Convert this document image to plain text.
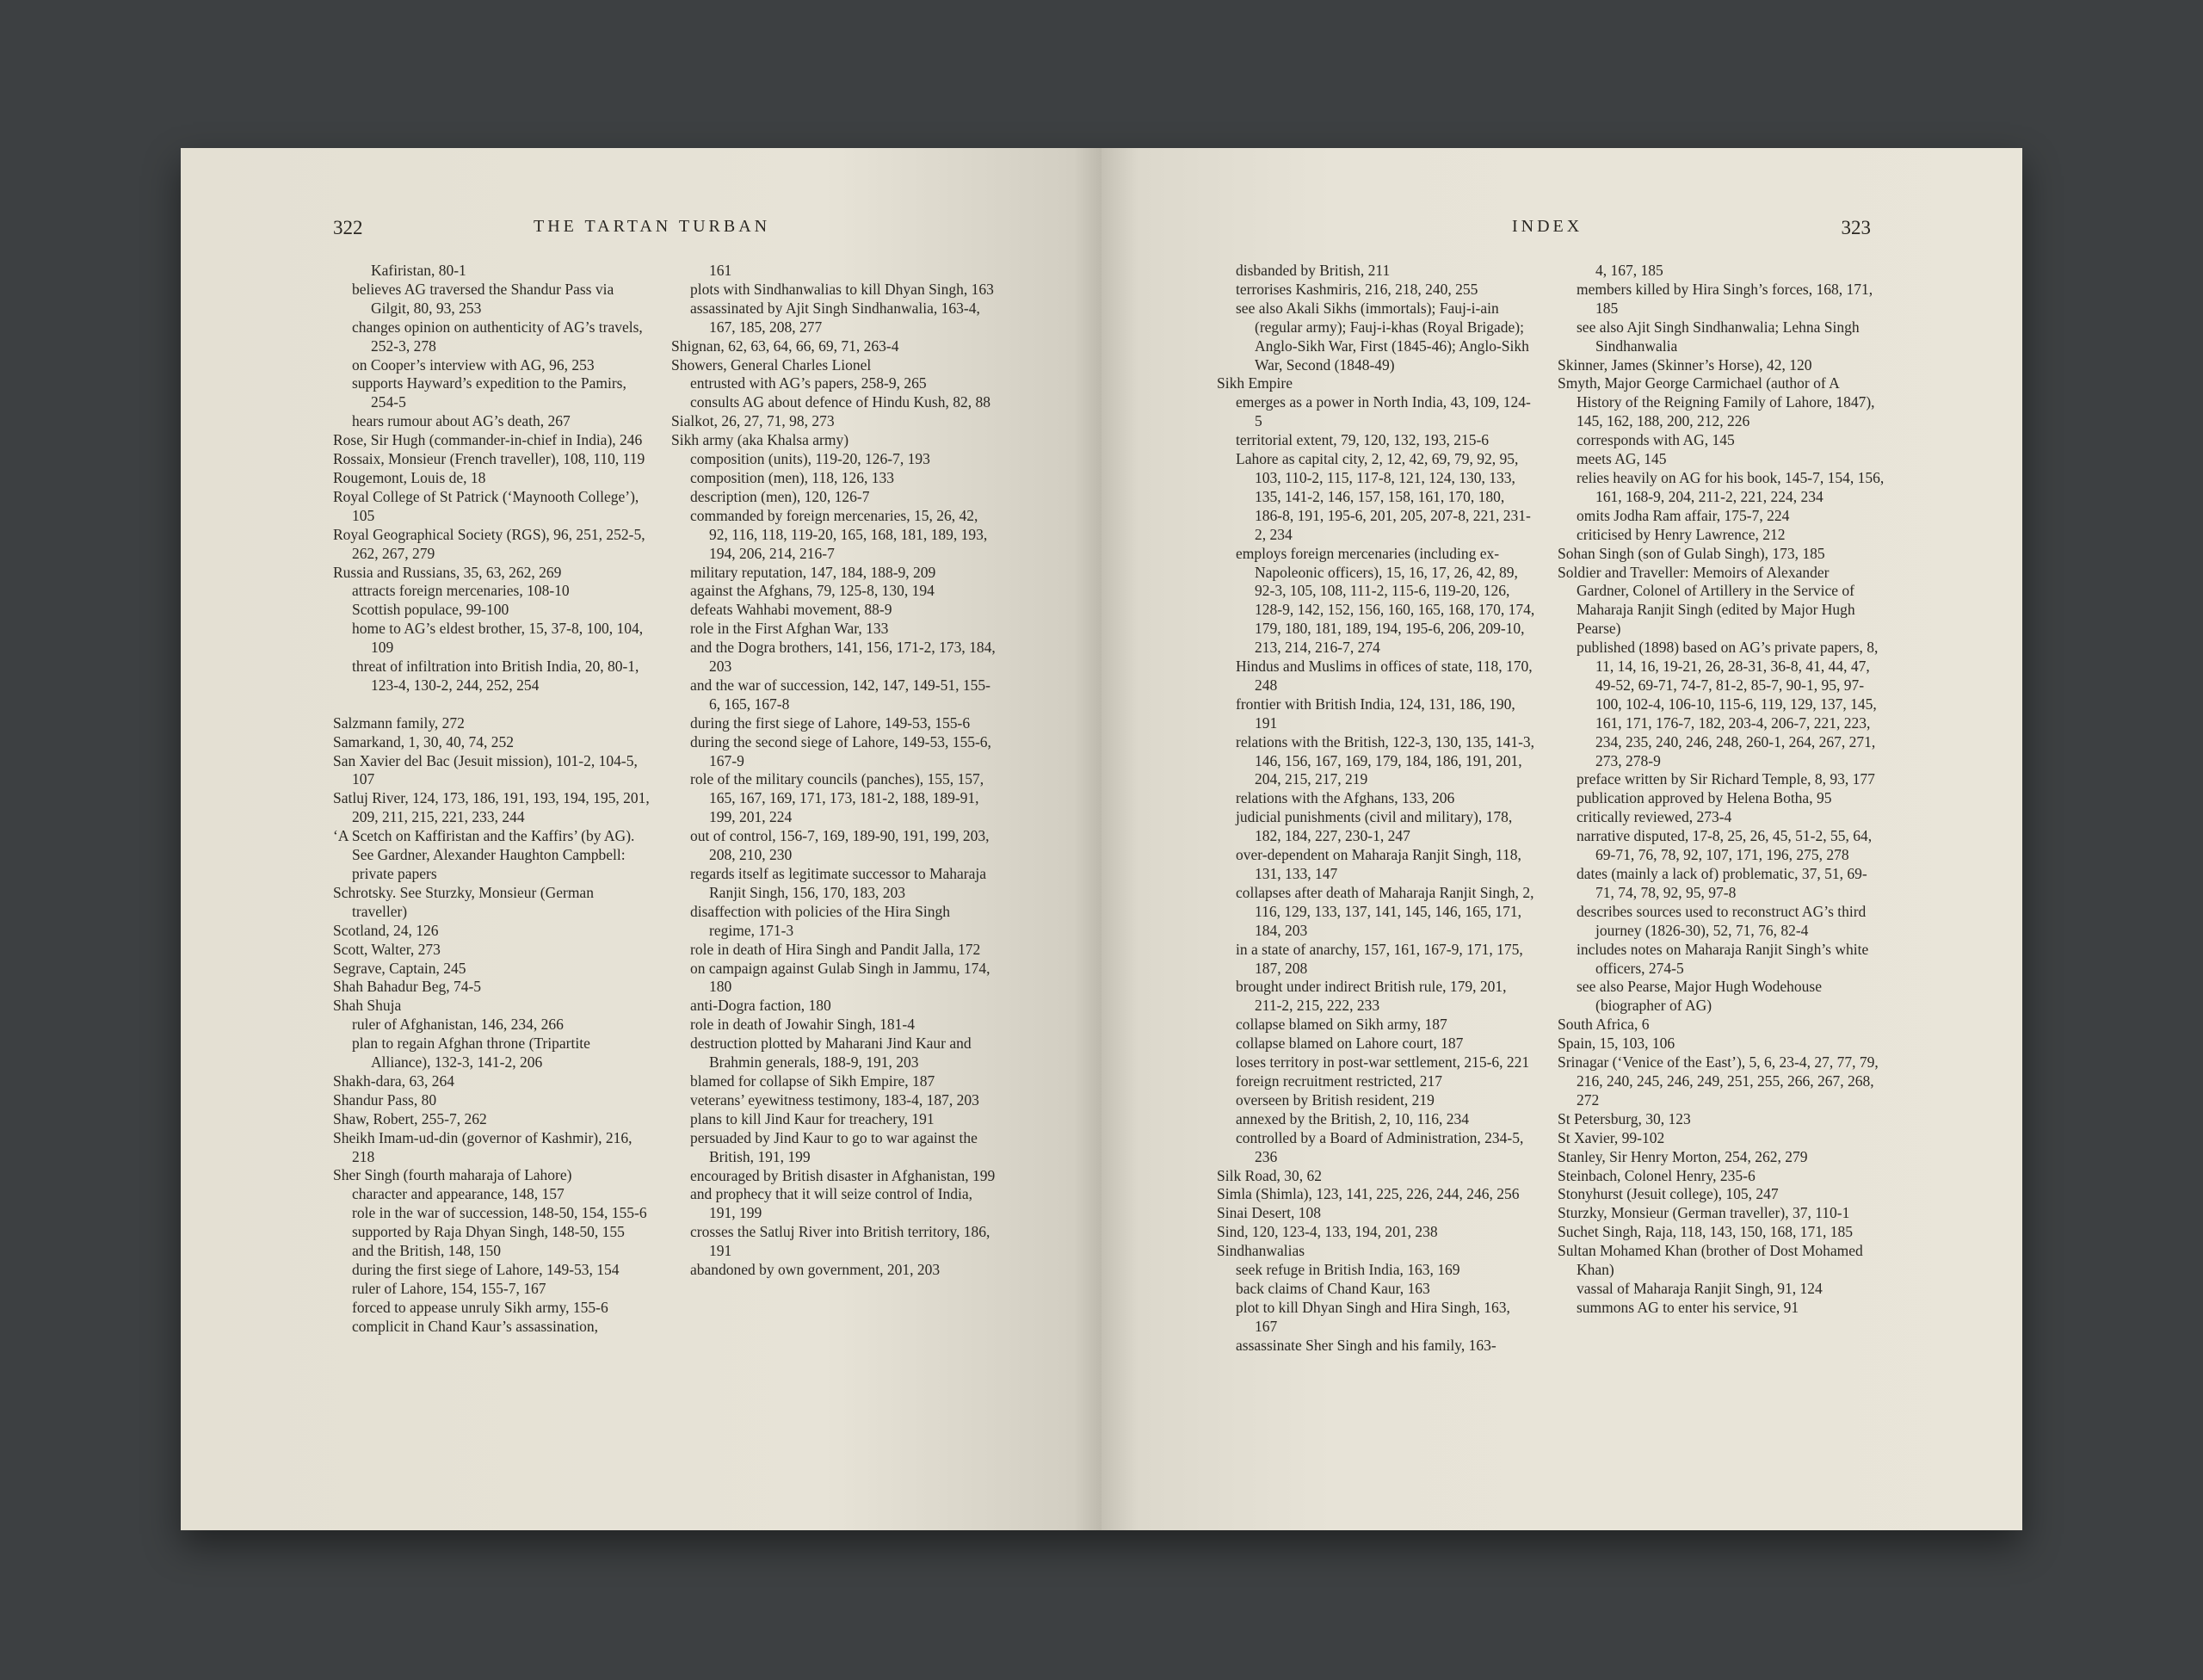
322	THE TARTAN TURBAN
Kafiristan, 80-1
believes AG traversed the Shandur Pass via Gilgit, 80, 93, 253
changes opinion on authenticity of AG’s travels, 252-3, 278
on Cooper’s interview with AG, 96, 253
supports Hayward’s expedition to the Pamirs, 254-5
hears rumour about AG’s death, 267
Rose, Sir Hugh (commander-in-chief in India), 246
Rossaix, Monsieur (French traveller), 108, 110, 119
Rougemont, Louis de, 18
Royal College of St Patrick (‘Maynooth College’), 105
Royal Geographical Society (RGS), 96, 251, 252-5, 262, 267, 279
Russia and Russians, 35, 63, 262, 269
attracts foreign mercenaries, 108-10
Scottish populace, 99-100
home to AG’s eldest brother, 15, 37-8, 100, 104, 109
threat of infiltration into British India, 20, 80-1, 123-4, 130-2, 244, 252, 254
Salzmann family, 272
Samarkand, 1, 30, 40, 74, 252
San Xavier del Bac (Jesuit mission), 101-2, 104-5, 107
Satluj River, 124, 173, 186, 191, 193, 194, 195, 201, 209, 211, 215, 221, 233, 244
‘A Scetch on Kaffiristan and the Kaffirs’ (by AG). See Gardner, Alexander Haughton Campbell: private papers
Schrotsky. See Sturzky, Monsieur (German traveller)
Scotland, 24, 126
Scott, Walter, 273
Segrave, Captain, 245
Shah Bahadur Beg, 74-5
Shah Shuja
ruler of Afghanistan, 146, 234, 266
plan to regain Afghan throne (Tripartite Alliance), 132-3, 141-2, 206
Shakh-dara, 63, 264
Shandur Pass, 80
Shaw, Robert, 255-7, 262
Sheikh Imam-ud-din (governor of Kashmir), 216, 218
Sher Singh (fourth maharaja of Lahore)
character and appearance, 148, 157
role in the war of succession, 148-50, 154, 155-6
supported by Raja Dhyan Singh, 148-50, 155
and the British, 148, 150
during the first siege of Lahore, 149-53, 154
ruler of Lahore, 154, 155-7, 167
forced to appease unruly Sikh army, 155-6
complicit in Chand Kaur’s assassination,
161
plots with Sindhanwalias to kill Dhyan Singh, 163
assassinated by Ajit Singh Sindhanwalia, 163-4, 167, 185, 208, 277
Shignan, 62, 63, 64, 66, 69, 71, 263-4
Showers, General Charles Lionel
entrusted with AG’s papers, 258-9, 265
consults AG about defence of Hindu Kush, 82, 88
Sialkot, 26, 27, 71, 98, 273
Sikh army (aka Khalsa army)
composition (units), 119-20, 126-7, 193
composition (men), 118, 126, 133
description (men), 120, 126-7
commanded by foreign mercenaries, 15, 26, 42, 92, 116, 118, 119-20, 165, 168, 181, 189, 193, 194, 206, 214, 216-7
military reputation, 147, 184, 188-9, 209
against the Afghans, 79, 125-8, 130, 194
defeats Wahhabi movement, 88-9
role in the First Afghan War, 133
and the Dogra brothers, 141, 156, 171-2, 173, 184, 203
and the war of succession, 142, 147, 149-51, 155-6, 165, 167-8
during the first siege of Lahore, 149-53, 155-6
during the second siege of Lahore, 149-53, 155-6, 167-9
role of the military councils (panches), 155, 157, 165, 167, 169, 171, 173, 181-2, 188, 189-91, 199, 201, 224
out of control, 156-7, 169, 189-90, 191, 199, 203, 208, 210, 230
regards itself as legitimate successor to Maharaja Ranjit Singh, 156, 170, 183, 203
disaffection with policies of the Hira Singh regime, 171-3
role in death of Hira Singh and Pandit Jalla, 172
on campaign against Gulab Singh in Jammu, 174, 180
anti-Dogra faction, 180
role in death of Jowahir Singh, 181-4
destruction plotted by Maharani Jind Kaur and Brahmin generals, 188-9, 191, 203
blamed for collapse of Sikh Empire, 187
veterans’ eyewitness testimony, 183-4, 187, 203
plans to kill Jind Kaur for treachery, 191
persuaded by Jind Kaur to go to war against the British, 191, 199
encouraged by British disaster in Afghanistan, 199
and prophecy that it will seize control of India, 191, 199
crosses the Satluj River into British territory, 186, 191
abandoned by own government, 201, 203
INDEX	323
disbanded by British, 211
terrorises Kashmiris, 216, 218, 240, 255
see also Akali Sikhs (immortals); Fauj-i-ain (regular army); Fauj-i-khas (Royal Brigade); Anglo-Sikh War, First (1845-46); Anglo-Sikh War, Second (1848-49)
Sikh Empire
emerges as a power in North India, 43, 109, 124-5
territorial extent, 79, 120, 132, 193, 215-6
Lahore as capital city, 2, 12, 42, 69, 79, 92, 95, 103, 110-2, 115, 117-8, 121, 124, 130, 133, 135, 141-2, 146, 157, 158, 161, 170, 180, 186-8, 191, 195-6, 201, 205, 207-8, 221, 231-2, 234
employs foreign mercenaries (including ex-Napoleonic officers), 15, 16, 17, 26, 42, 89, 92-3, 105, 108, 111-2, 115-6, 119-20, 126, 128-9, 142, 152, 156, 160, 165, 168, 170, 174, 179, 180, 181, 189, 194, 195-6, 206, 209-10, 213, 214, 216-7, 274
Hindus and Muslims in offices of state, 118, 170, 248
frontier with British India, 124, 131, 186, 190, 191
relations with the British, 122-3, 130, 135, 141-3, 146, 156, 167, 169, 179, 184, 186, 191, 201, 204, 215, 217, 219
relations with the Afghans, 133, 206
judicial punishments (civil and military), 178, 182, 184, 227, 230-1, 247
over-dependent on Maharaja Ranjit Singh, 118, 131, 133, 147
collapses after death of Maharaja Ranjit Singh, 2, 116, 129, 133, 137, 141, 145, 146, 165, 171, 184, 203
in a state of anarchy, 157, 161, 167-9, 171, 175, 187, 208
brought under indirect British rule, 179, 201, 211-2, 215, 222, 233
collapse blamed on Sikh army, 187
collapse blamed on Lahore court, 187
loses territory in post-war settlement, 215-6, 221
foreign recruitment restricted, 217
overseen by British resident, 219
annexed by the British, 2, 10, 116, 234
controlled by a Board of Administration, 234-5, 236
Silk Road, 30, 62
Simla (Shimla), 123, 141, 225, 226, 244, 246, 256
Sinai Desert, 108
Sind, 120, 123-4, 133, 194, 201, 238
Sindhanwalias
seek refuge in British India, 163, 169
back claims of Chand Kaur, 163
plot to kill Dhyan Singh and Hira Singh, 163, 167
assassinate Sher Singh and his family, 163-
4, 167, 185
members killed by Hira Singh’s forces, 168, 171, 185
see also Ajit Singh Sindhanwalia; Lehna Singh Sindhanwalia
Skinner, James (Skinner’s Horse), 42, 120
Smyth, Major George Carmichael (author of A History of the Reigning Family of Lahore, 1847), 145, 162, 188, 200, 212, 226
corresponds with AG, 145
meets AG, 145
relies heavily on AG for his book, 145-7, 154, 156, 161, 168-9, 204, 211-2, 221, 224, 234
omits Jodha Ram affair, 175-7, 224
criticised by Henry Lawrence, 212
Sohan Singh (son of Gulab Singh), 173, 185
Soldier and Traveller: Memoirs of Alexander Gardner, Colonel of Artillery in the Service of Maharaja Ranjit Singh (edited by Major Hugh Pearse)
published (1898) based on AG’s private papers, 8, 11, 14, 16, 19-21, 26, 28-31, 36-8, 41, 44, 47, 49-52, 69-71, 74-7, 81-2, 85-7, 90-1, 95, 97-100, 102-4, 106-10, 115-6, 119, 129, 137, 145, 161, 171, 176-7, 182, 203-4, 206-7, 221, 223, 234, 235, 240, 246, 248, 260-1, 264, 267, 271, 273, 278-9
preface written by Sir Richard Temple, 8, 93, 177
publication approved by Helena Botha, 95
critically reviewed, 273-4
narrative disputed, 17-8, 25, 26, 45, 51-2, 55, 64, 69-71, 76, 78, 92, 107, 171, 196, 275, 278
dates (mainly a lack of) problematic, 37, 51, 69-71, 74, 78, 92, 95, 97-8
describes sources used to reconstruct AG’s third journey (1826-30), 52, 71, 76, 82-4
includes notes on Maharaja Ranjit Singh’s white officers, 274-5
see also Pearse, Major Hugh Wodehouse (biographer of AG)
South Africa, 6
Spain, 15, 103, 106
Srinagar (‘Venice of the East’), 5, 6, 23-4, 27, 77, 79, 216, 240, 245, 246, 249, 251, 255, 266, 267, 268, 272
St Petersburg, 30, 123
St Xavier, 99-102
Stanley, Sir Henry Morton, 254, 262, 279
Steinbach, Colonel Henry, 235-6
Stonyhurst (Jesuit college), 105, 247
Sturzky, Monsieur (German traveller), 37, 110-1
Suchet Singh, Raja, 118, 143, 150, 168, 171, 185
Sultan Mohamed Khan (brother of Dost Mohamed Khan)
vassal of Maharaja Ranjit Singh, 91, 124
summons AG to enter his service, 91
